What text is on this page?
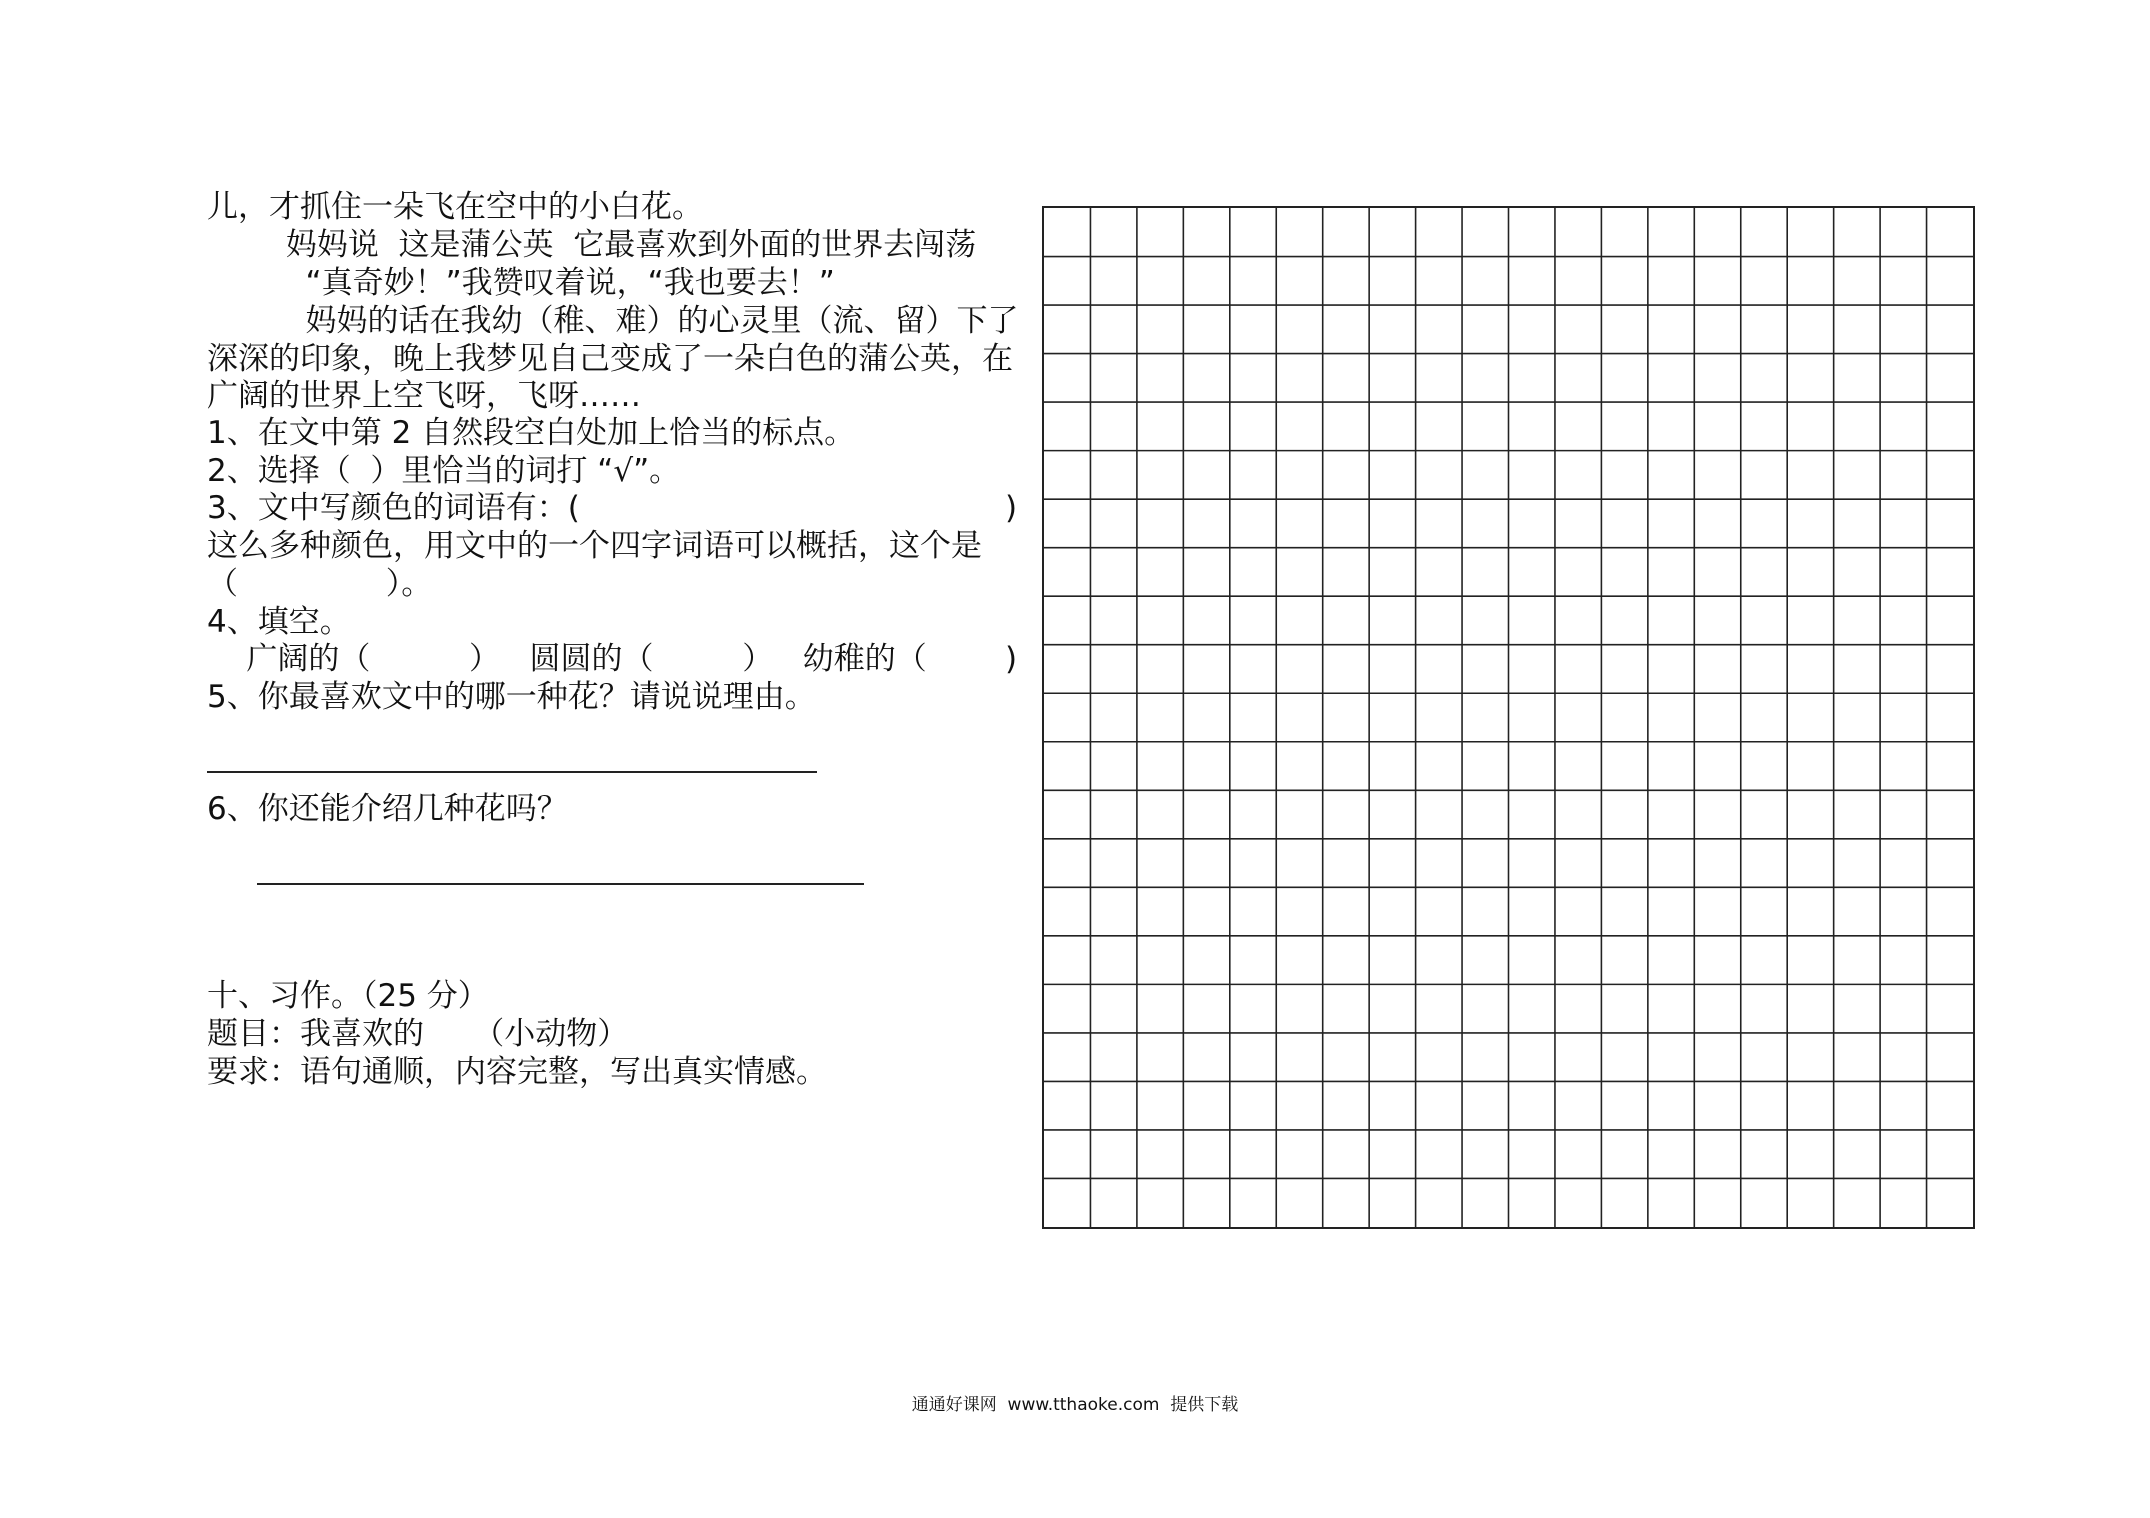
儿，才抓住一朵飞在空中的小白花。
妈妈说  这是蒲公英  它最喜欢到外面的世界去闯荡
“真奇妙！”我赞叹着说，“我也要去！”
妈妈的话在我幼（稚、难）的心灵里（流、留）下了
深深的印象，晚上我梦见自己变成了一朵白色的蒲公英，在
广阔的世界上空飞呀，飞呀……
1、在文中第 2 自然段空白处加上恰当的标点。
2、选择（  ）里恰当的词打 “√”。
3、文中写颜色的词语有：(	)
这么多种颜色，用文中的一个四字词语可以概括，这个是
（               ）。
4、填空。
广阔的（          ）   圆圆的（         ）   幼稚的（	)
5、你最喜欢文中的哪一种花？请说说理由。
6、你还能介绍几种花吗？
十、习作。（25 分）
题目：我喜欢的     （小动物）
要求：语句通顺，内容完整，写出真实情感。
通通好课网  www.tthaoke.com  提供下载
